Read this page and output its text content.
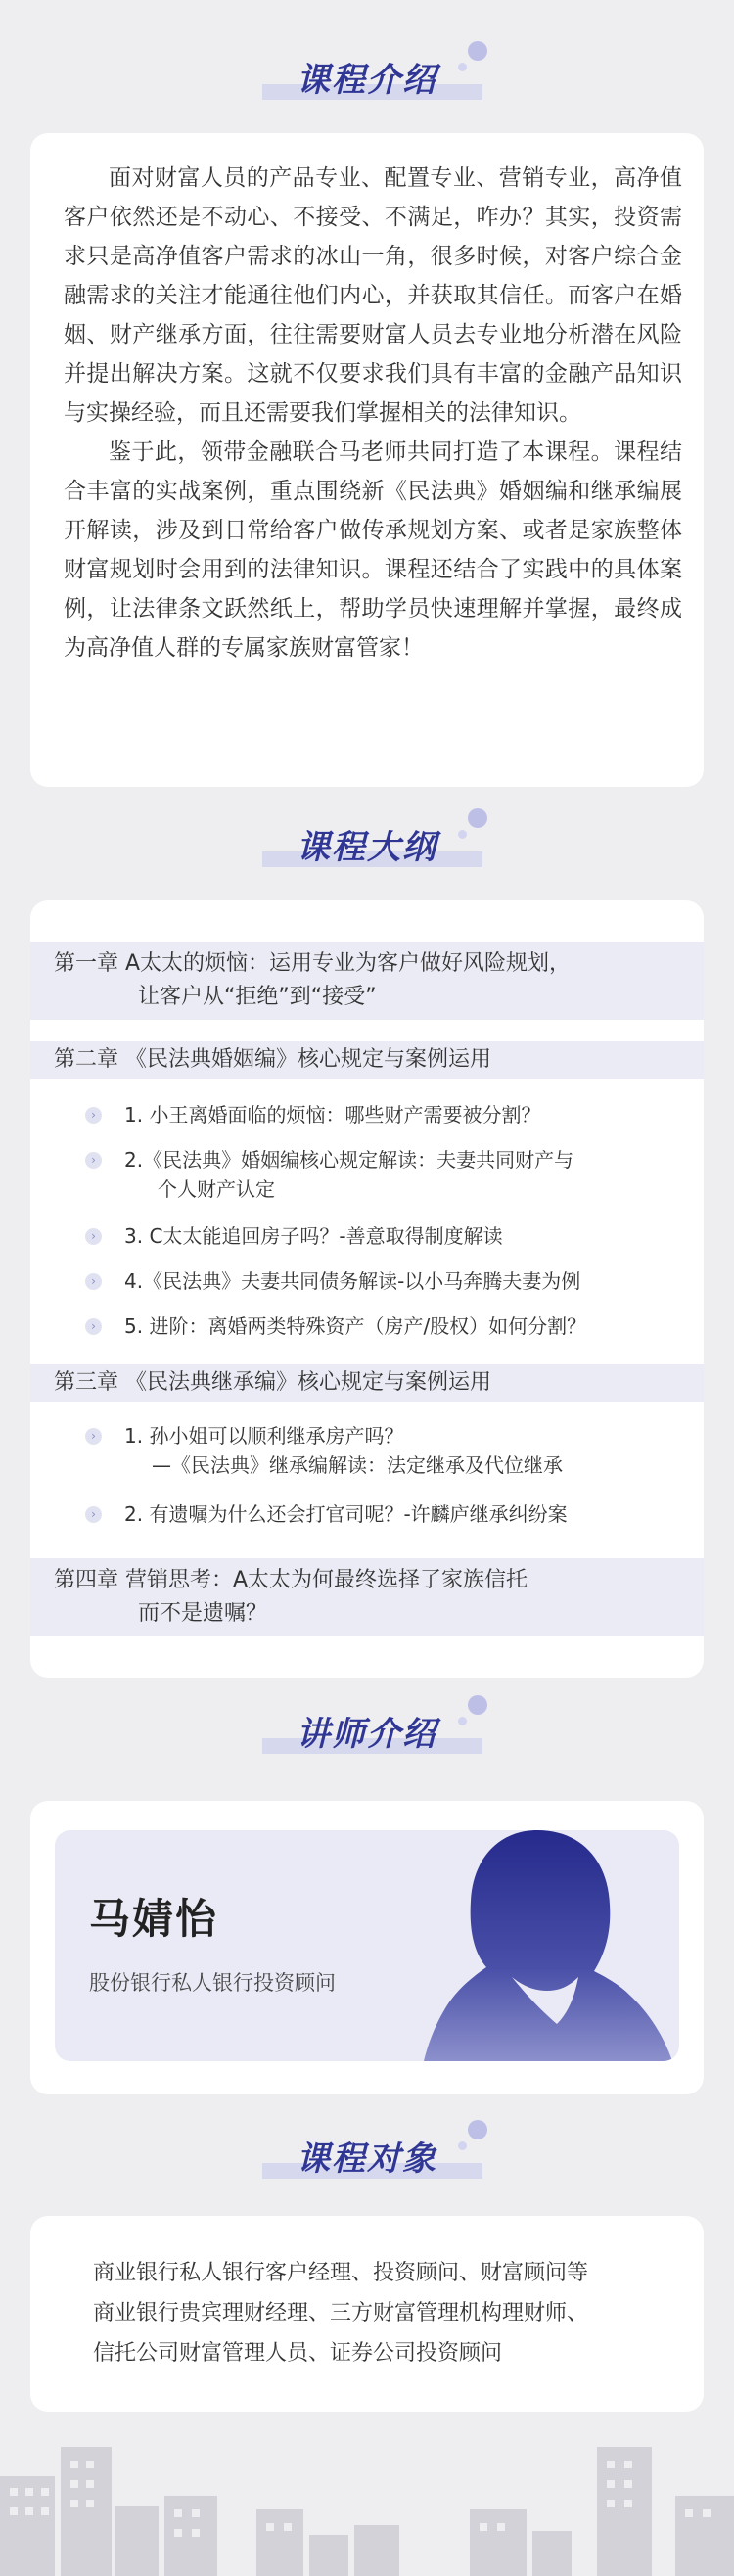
课程介绍

面对财富人员的产品专业、配置专业、营销专业，高净值客户依然还是不动心、不接受、不满足，咋办？其实，投资需求只是高净值客户需求的冰山一角，很多时候，对客户综合金融需求的关注才能通往他们内心，并获取其信任。而客户在婚姻、财产继承方面，往往需要财富人员去专业地分析潜在风险并提出解决方案。这就不仅要求我们具有丰富的金融产品知识与实操经验，而且还需要我们掌握相关的法律知识。

鉴于此，领带金融联合马老师共同打造了本课程。课程结合丰富的实战案例，重点围绕新《民法典》婚姻编和继承编展开解读，涉及到日常给客户做传承规划方案、或者是家族整体财富规划时会用到的法律知识。课程还结合了实践中的具体案例，让法律条文跃然纸上，帮助学员快速理解并掌握，最终成为高净值人群的专属家族财富管家！

课程大纲
第一章 A太太的烦恼：运用专业为客户做好风险规划，
让客户从“拒绝”到“接受”
第二章 《民法典婚姻编》核心规定与案例运用
›	1. 小王离婚面临的烦恼：哪些财产需要被分割？
›	2.《民法典》婚姻编核心规定解读：夫妻共同财产与
个人财产认定
›	3. C太太能追回房子吗？-善意取得制度解读
›	4.《民法典》夫妻共同债务解读-以小马奔腾夫妻为例
›	5. 进阶：离婚两类特殊资产（房产/股权）如何分割？
第三章 《民法典继承编》核心规定与案例运用
›	1. 孙小姐可以顺利继承房产吗？
—《民法典》继承编解读：法定继承及代位继承
›	2. 有遗嘱为什么还会打官司呢？-许麟庐继承纠纷案
第四章 营销思考：A太太为何最终选择了家族信托
而不是遗嘱？
讲师介绍
马婧怡
股份银行私人银行投资顾问
课程对象
商业银行私人银行客户经理、投资顾问、财富顾问等
商业银行贵宾理财经理、三方财富管理机构理财师、
信托公司财富管理人员、证券公司投资顾问
